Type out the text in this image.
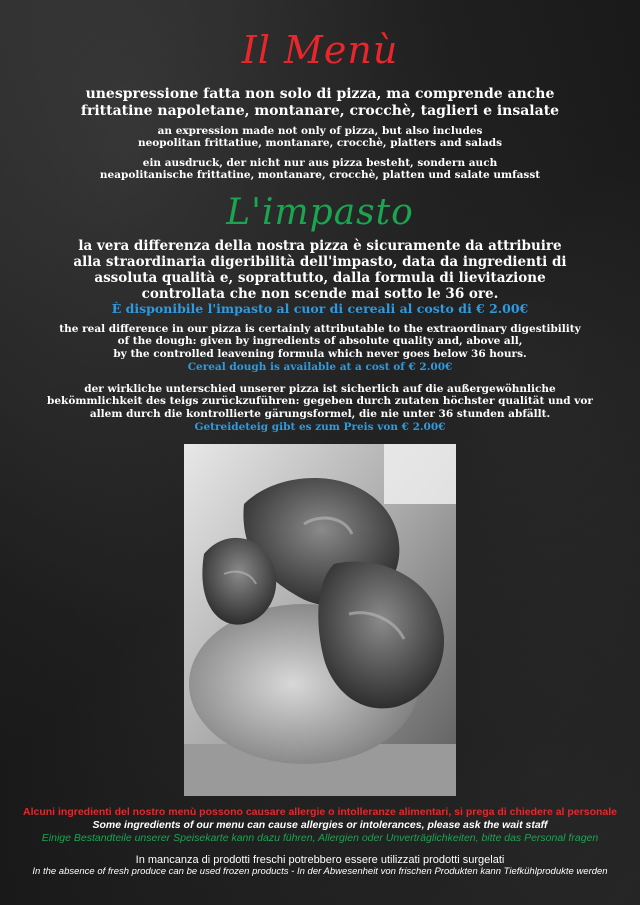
Il Menù
unespressione fatta non solo di pizza, ma comprende anche
frittatine napoletane, montanare, crocchè, taglieri e insalate
an expression made not only of pizza, but also includes
neopolitan frittatiue, montanare, crocchè, platters and salads
ein ausdruck, der nicht nur aus pizza besteht, sondern auch
neapolitanische frittatine, montanare, crocchè, platten und salate umfasst
L'impasto
la vera differenza della nostra pizza è sicuramente da attribuire
alla straordinaria digeribilità dell'impasto, data da ingredienti di
assoluta qualità e, soprattutto, dalla formula di lievitazione
controllata che non scende mai sotto le 36 ore.
È disponibile l'impasto al cuor di cereali al costo di € 2.00€
the real difference in our pizza is certainly attributable to the extraordinary digestibility
of the dough: given by ingredients of absolute quality and, above all,
by the controlled leavening formula which never goes below 36 hours.
Cereal dough is available at a cost of € 2.00€
der wirkliche unterschied unserer pizza ist sicherlich auf die außergewöhnliche
bekömmlichkeit des teigs zurückzuführen: gegeben durch zutaten höchster qualität und vor
allem durch die kontrollierte gärungsformel, die nie unter 36 stunden abfällt.
Getreideteig gibt es zum Preis von € 2.00€
Alcuni ingredienti del nostro menù possono causare allergie o intolleranze alimentari, si prega di chiedere al personale
Some ingredients of our menu can cause allergies or intolerances, please ask the wait staff
Einige Bestandteile unserer Speisekarte kann dazu führen, Allergien oder Unverträglichkeiten, bitte das Personal fragen
In mancanza di prodotti freschi potrebbero essere utilizzati prodotti surgelati
In the absence of fresh produce can be used frozen products - In der Abwesenheit von frischen Produkten kann Tiefkühlprodukte werden
